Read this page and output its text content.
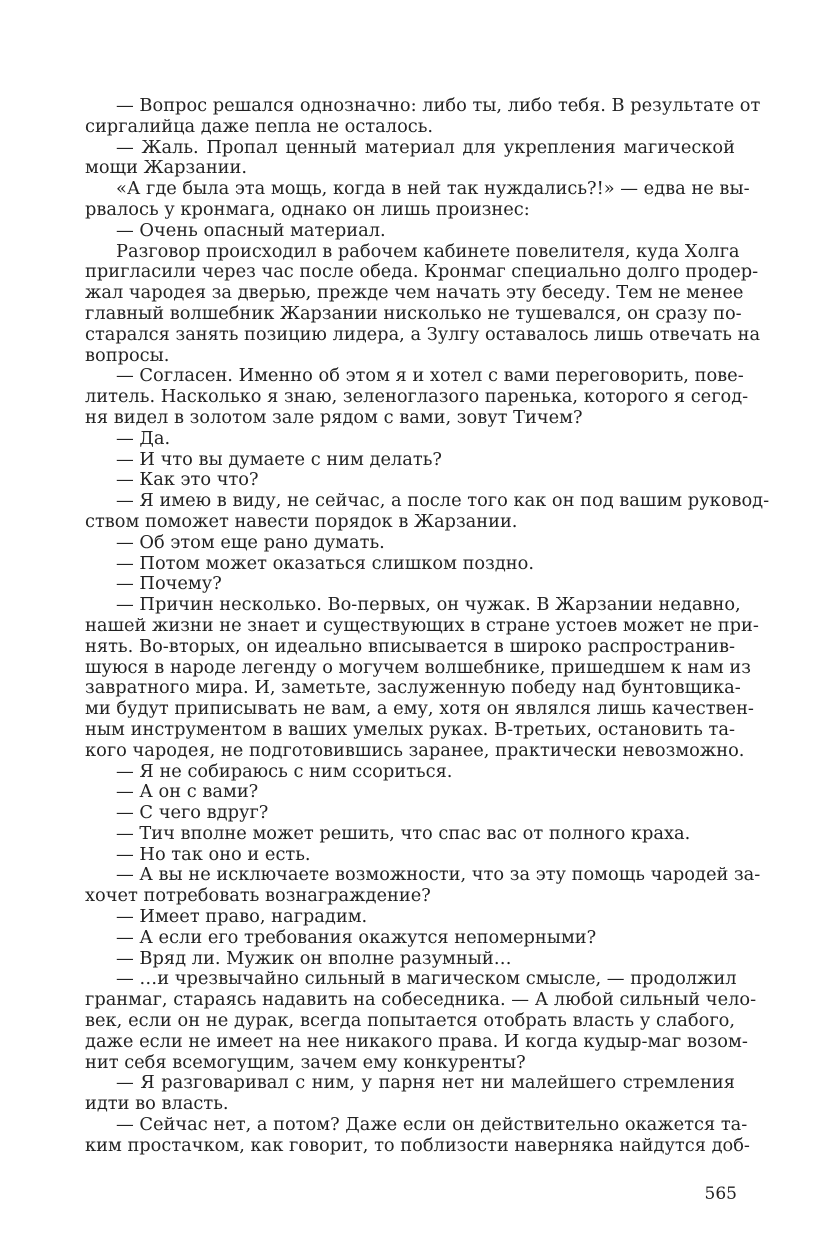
— Вопрос решался однозначно: либо ты, либо тебя. В результате от
сиргалийца даже пепла не осталось.
— Жаль. Пропал ценный материал для укрепления магической
мощи Жарзании.
«А где была эта мощь, когда в ней так нуждались?!» — едва не вы-
рвалось у кронмага, однако он лишь произнес:
— Очень опасный материал.
Разговор происходил в рабочем кабинете повелителя, куда Холга
пригласили через час после обеда. Кронмаг специально долго продер-
жал чародея за дверью, прежде чем начать эту беседу. Тем не менее
главный волшебник Жарзании нисколько не тушевался, он сразу по-
старался занять позицию лидера, а Зулгу оставалось лишь отвечать на
вопросы.
— Согласен. Именно об этом я и хотел с вами переговорить, пове-
литель. Насколько я знаю, зеленоглазого паренька, которого я сегод-
ня видел в золотом зале рядом с вами, зовут Тичем?
— Да.
— И что вы думаете с ним делать?
— Как это что?
— Я имею в виду, не сейчас, а после того как он под вашим руковод-
ством поможет навести порядок в Жарзании.
— Об этом еще рано думать.
— Потом может оказаться слишком поздно.
— Почему?
— Причин несколько. Во-первых, он чужак. В Жарзании недавно,
нашей жизни не знает и существующих в стране устоев может не при-
нять. Во-вторых, он идеально вписывается в широко распространив-
шуюся в народе легенду о могучем волшебнике, пришедшем к нам из
завратного мира. И, заметьте, заслуженную победу над бунтовщика-
ми будут приписывать не вам, а ему, хотя он являлся лишь качествен-
ным инструментом в ваших умелых руках. В-третьих, остановить та-
кого чародея, не подготовившись заранее, практически невозможно.
— Я не собираюсь с ним ссориться.
— А он с вами?
— С чего вдруг?
— Тич вполне может решить, что спас вас от полного краха.
— Но так оно и есть.
— А вы не исключаете возможности, что за эту помощь чародей за-
хочет потребовать вознаграждение?
— Имеет право, наградим.
— А если его требования окажутся непомерными?
— Вряд ли. Мужик он вполне разумный…
— …и чрезвычайно сильный в магическом смысле, — продолжил
гранмаг, стараясь надавить на собеседника. — А любой сильный чело-
век, если он не дурак, всегда попытается отобрать власть у слабого,
даже если не имеет на нее никакого права. И когда кудыр-маг возом-
нит себя всемогущим, зачем ему конкуренты?
— Я разговаривал с ним, у парня нет ни малейшего стремления
идти во власть.
— Сейчас нет, а потом? Даже если он действительно окажется та-
ким простачком, как говорит, то поблизости наверняка найдутся доб-
565
